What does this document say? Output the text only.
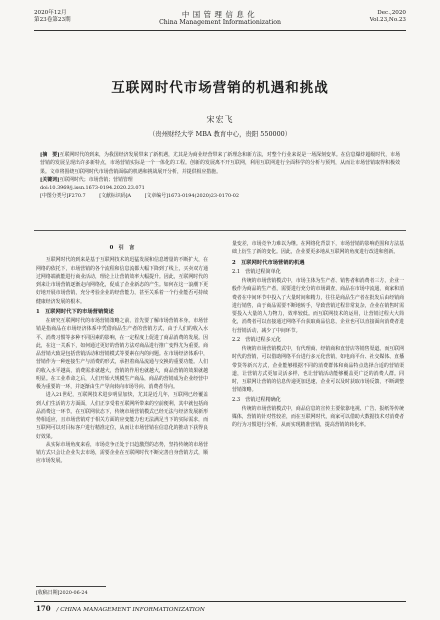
2020年12月
第23卷第23期
中国管理信息化
China Management Informationization
Dec.,2020
Vol.23,No.23
互联网时代市场营销的机遇和挑战
宋宏飞
（贵州财经大学 MBA 教育中心，贵阳 550000）

[摘　要]互联网时代的到来，为我国经济发展带来了新机遇，尤其是为商业经营带来了新理念和新方法，对整个行业来说是一场深刻变革。在信息爆炸超级时代，市场营销的发展呈现出许多新特点，市场营销实际是一个一体化的工程。创新的发展离不开互联网，利用互联网进行全面科学的分析与预判，从而让市场营销取得积极效果。文章将围绕互联网时代市场营销面临的机遇和挑战展开分析，并提供相应措施。

[关键词]互联网时代；市场营销；营销管理

doi:10.3969/j.issn.1673-0194.2020.23.071

[中图分类号]F270.7	[文献标识码]A	[文章编号]1673-0194(2020)23-0170-02

0　引　言

互联网时代的到来是基于互联网技术的迅猛发展和信息增量的不断扩大，在网络的依托下，市场营销的各个流程和信息流都大幅下降到了线上，买卖双方通过网络端就能进行商业活动，理论上让营销效率大幅提升。因此，互联网时代的到来让市场营销逐渐走向网络化，促成了企业新态的产生。如何在这一浪潮下更好地开展市场营销，充分考验企业的经营能力，甚至关系着一个行业能否可持续健康经济发展的根本。

1　互联网时代下的市场营销简述

在研究互联网时代的市场营销策略之前，首先要了解市场营销本身。市场营销是指商品在市场经济体系中凭借商品生产者的营销方式，由于人们的收入水平、消费习惯等多种不同因素的影响，在一定程度上促进了商品消费的发展。因此，在这一关系下，如何通过更好的营销方法对商品进行推广变得尤为重要。商品营销大致是包括营销活动和营销模式等要素在内的问题。在市场经济体系中，营销作为一种连接生产与消费的形式，承担着商品流通与交换的重要功能。人们的收入水平越高，消费需求就越大，营销的作用也就越大，商品营销的效果就越明显。在工业革命之后，人们开始大规模生产商品，商品的营销成为企业经营中极为重要的一环，并逐渐由生产导向转向市场导向、消费者导向。

进入21世纪，互联网技术进步明显加快，尤其是近几年，互联网已经覆盖到人们生活的方方面面，人们正享受着互联网所带来的空前便利，其中就包括商品消费这一环节。在互联网状态下，传统市场营销模式已经无法与经济发展新形势相适应，且市场营销对于相关方面的应变能力也无法满足当下的实际需求，而互联网可以对目标客户进行精准定位，从而让市场营销在信息化的推动下获得良好效果。

从实际市场角度来看，市场竞争正处于日趋激烈的态势，坚持传统的市场营销方式只会让企业失去市场，需要企业在互联网时代不断完善自身营销方式，顺应市场发展。

量变差，市场竞争力难以为继。在网络化背景下，市场营销的影响范围和方法基础上衍生了新的变化。因此，企业要更多地从互联网的角度进行改进和创新。

2　互联网时代市场营销的机遇

2.1　营销过程简单化

传统的市场营销模式中，市场主体为生产者、销售者和消费者三方，企业一般作为商品的生产者，需要进行充分的市场调查，商品在市场中流通，商家和消费者在中间环节中投入了大量时间和精力，往往是商品生产者在批发后由经销商进行销售，由于商品需要不断地转手，导致营销过程非常复杂，企业在销售时需要投入大量的人力物力，效率较低。而互联网技术的运用，让营销过程大大简化，消费者可以直接通过网络平台获取商品信息，企业也可以直接面向消费者进行营销活动，减少了中间环节。

2.2　营销过程多元化

传统的市场营销模式中，有代理商、经销商和直营店等销售渠道。而互联网时代的营销，可以借助网络平台进行多元化营销，如电商平台、社交媒体、直播带货等新兴方式，企业能够根据不同的消费群体和商品特点选择合适的营销渠道，让营销方式更加灵活多样，也让营销活动能够覆盖更广泛的消费人群。同时，互联网让营销的信息传递更加迅速，企业可以及时获取市场反馈，不断调整营销策略。

2.3　营销过程精确化

传统的市场营销模式中，商品信息的宣传主要依靠电视、广告、报纸等传统媒体，营销的针对性较差，而在互联网时代，商家可以借助大数据技术对消费者的行为习惯进行分析，从而实现精准营销，提高营销的转化率。

[收稿日期]2020-06-24
170 / CHINA MANAGEMENT INFORMATIONIZATION
